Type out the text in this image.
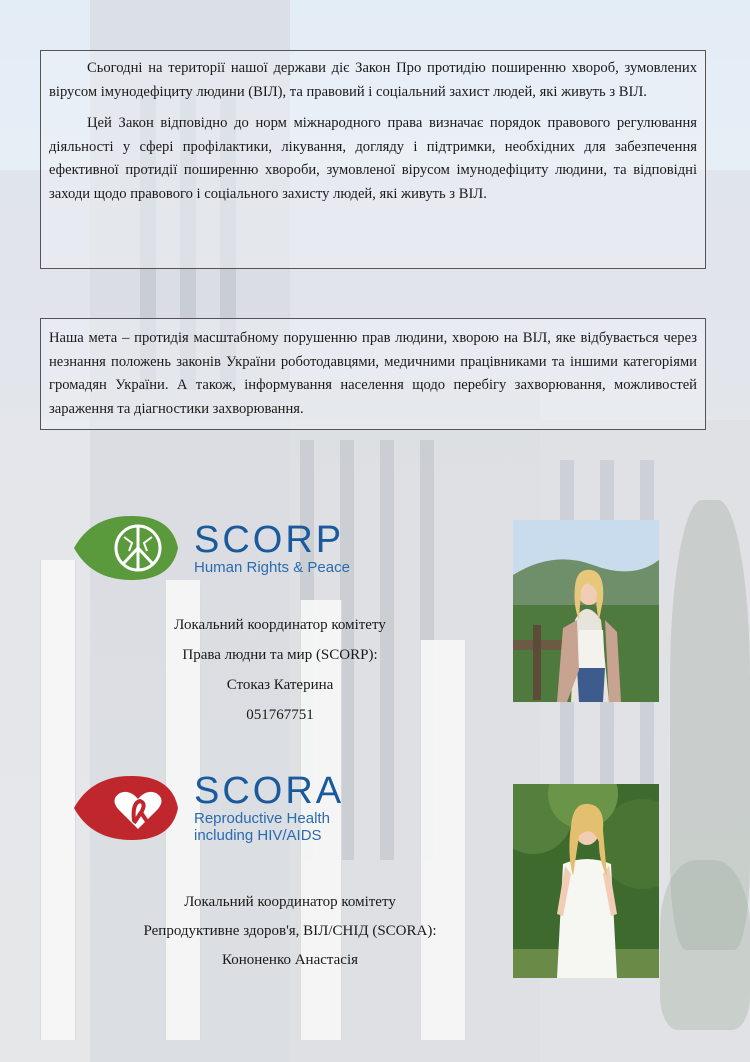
Сьогодні на території нашої держави діє Закон Про протидію поширенню хвороб, зумовлених вірусом імунодефіциту людини (ВІЛ), та правовий і соціальний захист людей, які живуть з ВІЛ.

Цей Закон відповідно до норм міжнародного права визначає порядок правового регулювання діяльності у сфері профілактики, лікування, догляду і підтримки, необхідних для забезпечення ефективної протидії поширенню хвороби, зумовленої вірусом імунодефіциту людини, та відповідні заходи щодо правового і соціального захисту людей, які живуть з ВІЛ.

Наша мета – протидія масштабному порушенню прав людини, хворою на ВІЛ, яке відбувається через незнання положень законів України роботодавцями, медичними працівниками та іншими категоріями громадян України. А також, інформування населення щодо перебігу захворювання, можливостей зараження та діагностики захворювання.

SCORP
Human Rights & Peace
Локальний координатор комітету
Права людни та мир (SCORP):
Стоказ Катерина
051767751
SCORA
Reproductive Health
including HIV/AIDS
Локальний координатор комітету
Репродуктивне здоров'я, ВІЛ/СНІД (SCORA):
Кононенко Анастасія
